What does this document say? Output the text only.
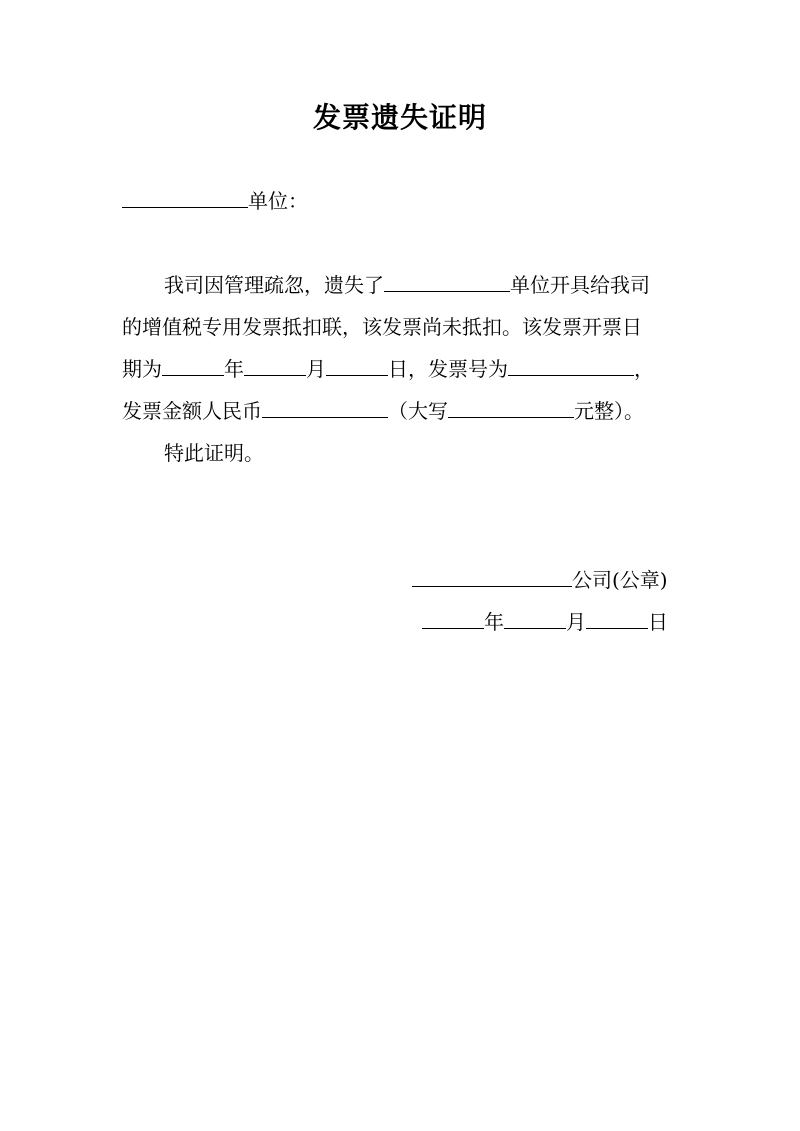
发票遗失证明
单位：
我司因管理疏忽，遗失了	单位开具给我司
的增值税专用发票抵扣联，该发票尚未抵扣。该发票开票日
期为	年	月	日，发票号为	，
发票金额人民币	（大写	元整）。
特此证明。
公司(公章)
年	月	日
